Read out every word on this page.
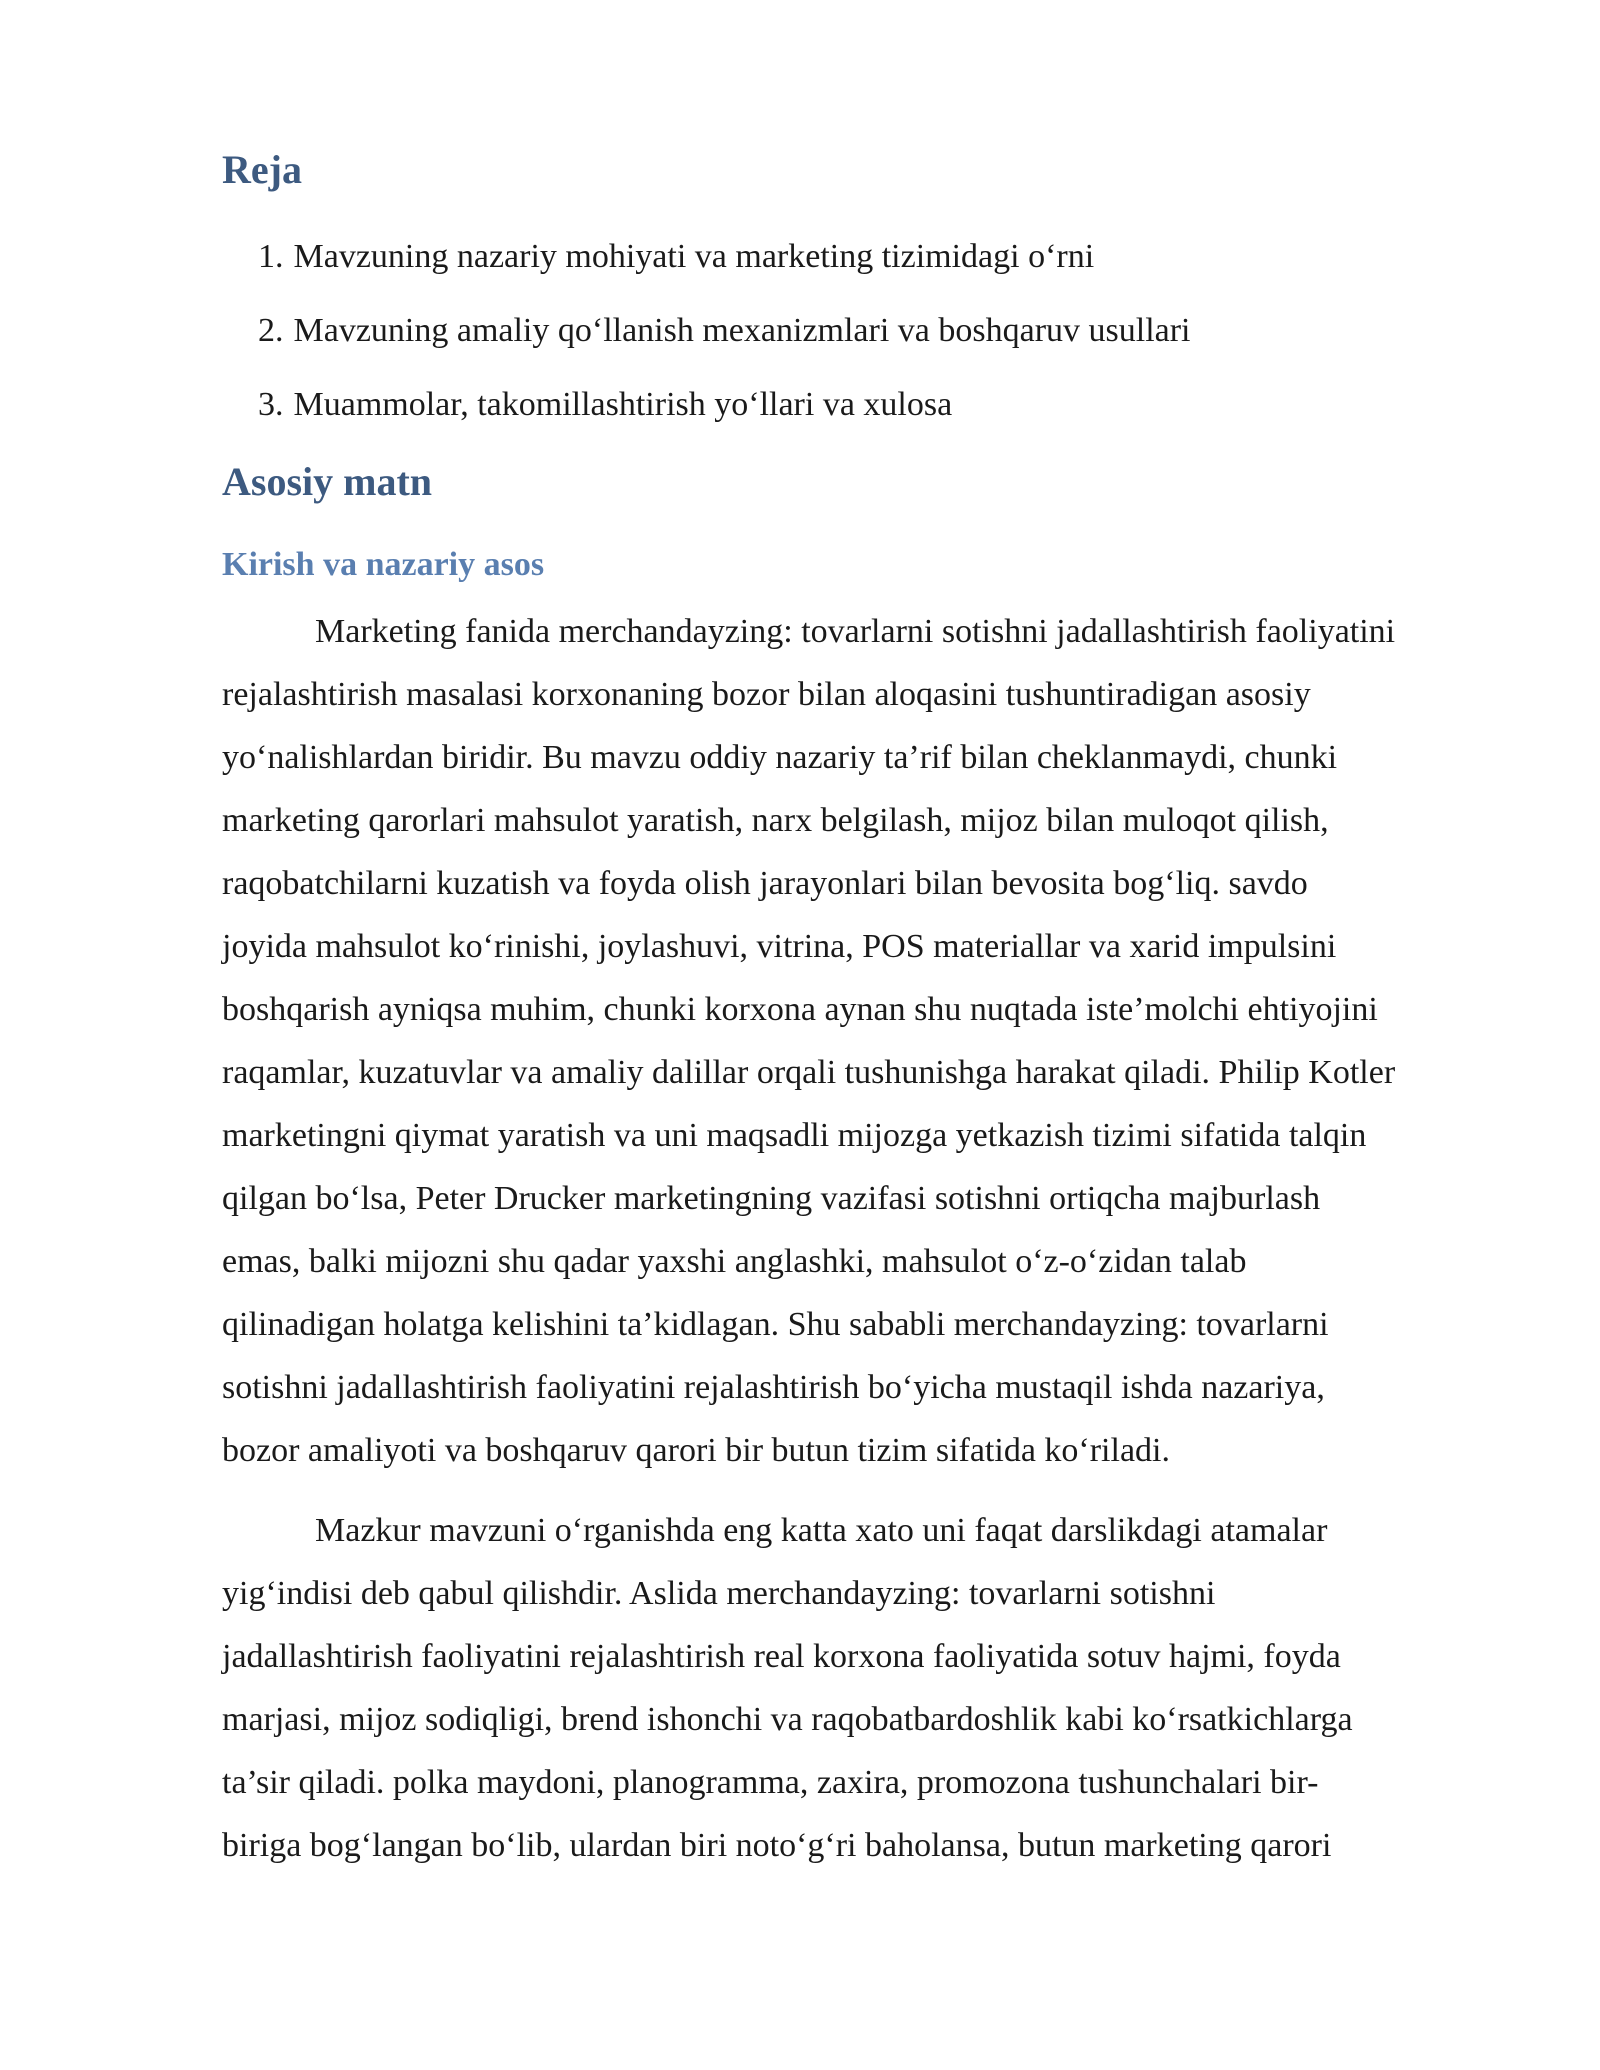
Reja
1. Mavzuning nazariy mohiyati va marketing tizimidagi o‘rni
2. Mavzuning amaliy qo‘llanish mexanizmlari va boshqaruv usullari
3. Muammolar, takomillashtirish yo‘llari va xulosa
Asosiy matn
Kirish va nazariy asos

Marketing fanida merchandayzing: tovarlarni sotishni jadallashtirish faoliyatini
rejalashtirish masalasi korxonaning bozor bilan aloqasini tushuntiradigan asosiy
yo‘nalishlardan biridir. Bu mavzu oddiy nazariy ta’rif bilan cheklanmaydi, chunki
marketing qarorlari mahsulot yaratish, narx belgilash, mijoz bilan muloqot qilish,
raqobatchilarni kuzatish va foyda olish jarayonlari bilan bevosita bog‘liq. savdo
joyida mahsulot ko‘rinishi, joylashuvi, vitrina, POS materiallar va xarid impulsini
boshqarish ayniqsa muhim, chunki korxona aynan shu nuqtada iste’molchi ehtiyojini
raqamlar, kuzatuvlar va amaliy dalillar orqali tushunishga harakat qiladi. Philip Kotler
marketingni qiymat yaratish va uni maqsadli mijozga yetkazish tizimi sifatida talqin
qilgan bo‘lsa, Peter Drucker marketingning vazifasi sotishni ortiqcha majburlash
emas, balki mijozni shu qadar yaxshi anglashki, mahsulot o‘z-o‘zidan talab
qilinadigan holatga kelishini ta’kidlagan. Shu sababli merchandayzing: tovarlarni
sotishni jadallashtirish faoliyatini rejalashtirish bo‘yicha mustaqil ishda nazariya,
bozor amaliyoti va boshqaruv qarori bir butun tizim sifatida ko‘riladi.

Mazkur mavzuni o‘rganishda eng katta xato uni faqat darslikdagi atamalar
yig‘indisi deb qabul qilishdir. Aslida merchandayzing: tovarlarni sotishni
jadallashtirish faoliyatini rejalashtirish real korxona faoliyatida sotuv hajmi, foyda
marjasi, mijoz sodiqligi, brend ishonchi va raqobatbardoshlik kabi ko‘rsatkichlarga
ta’sir qiladi. polka maydoni, planogramma, zaxira, promozona tushunchalari bir-
biriga bog‘langan bo‘lib, ulardan biri noto‘g‘ri baholansa, butun marketing qarori
